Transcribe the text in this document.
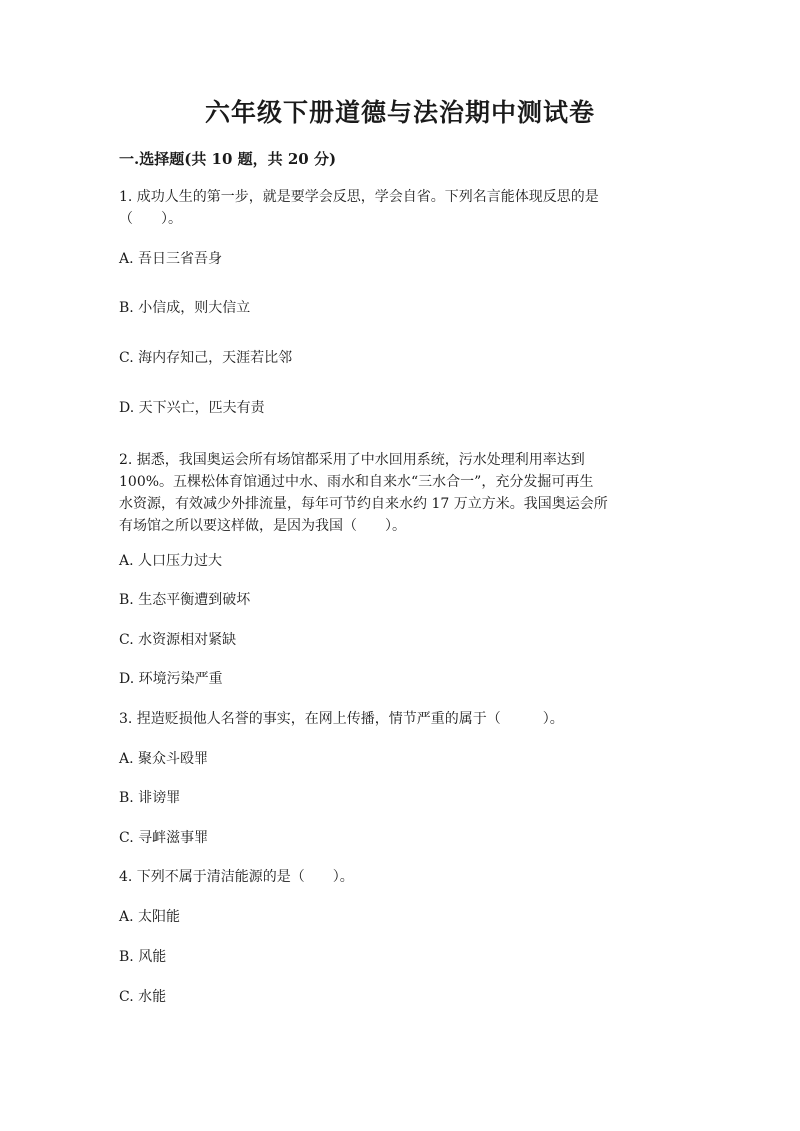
六年级下册道德与法治期中测试卷
一.选择题(共 10 题，共 20 分)
1. 成功人生的第一步，就是要学会反思，学会自省。下列名言能体现反思的是
（　　）。
A. 吾日三省吾身
B. 小信成，则大信立
C. 海内存知己，天涯若比邻
D. 天下兴亡，匹夫有责
2. 据悉，我国奥运会所有场馆都采用了中水回用系统，污水处理利用率达到
100%。五棵松体育馆通过中水、雨水和自来水“三水合一”，充分发掘可再生
水资源，有效减少外排流量，每年可节约自来水约 17 万立方米。我国奥运会所
有场馆之所以要这样做，是因为我国（　　）。
A. 人口压力过大
B. 生态平衡遭到破坏
C. 水资源相对紧缺
D. 环境污染严重
3. 捏造贬损他人名誉的事实，在网上传播，情节严重的属于（　　　）。
A. 聚众斗殴罪
B. 诽谤罪
C. 寻衅滋事罪
4. 下列不属于清洁能源的是（　　）。
A. 太阳能
B. 风能
C. 水能
